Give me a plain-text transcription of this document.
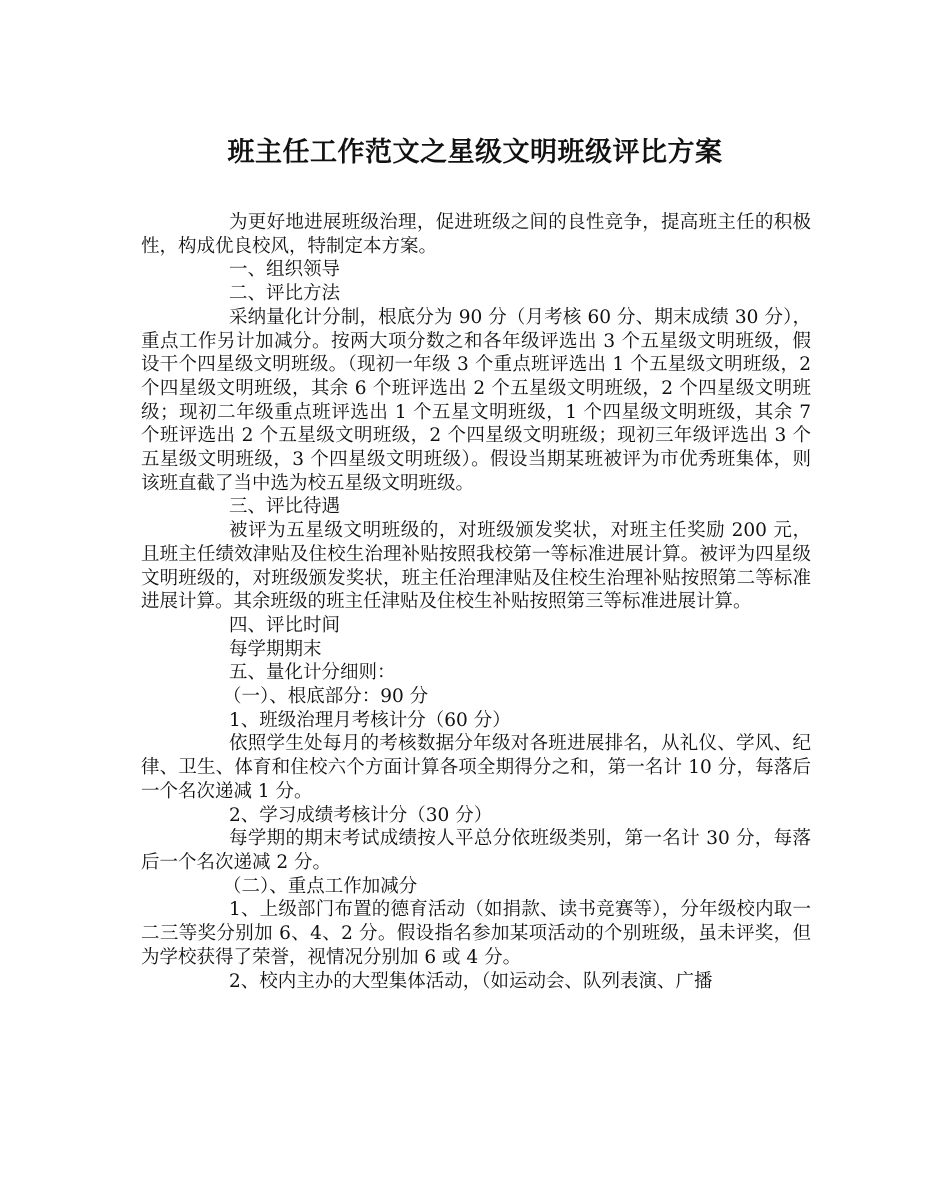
班主任工作范文之星级文明班级评比方案

为更好地进展班级治理，促进班级之间的良性竞争，提高班主任的积极性，构成优良校风，特制定本方案。

一、组织领导

二、评比方法

采纳量化计分制，根底分为 90 分（月考核 60 分、期末成绩 30 分），重点工作另计加减分。按两大项分数之和各年级评选出 3 个五星级文明班级，假设干个四星级文明班级。（现初一年级 3 个重点班评选出 1 个五星级文明班级，2 个四星级文明班级，其余 6 个班评选出 2 个五星级文明班级，2 个四星级文明班级；现初二年级重点班评选出 1 个五星文明班级，1 个四星级文明班级，其余 7 个班评选出 2 个五星级文明班级，2 个四星级文明班级；现初三年级评选出 3 个五星级文明班级，3 个四星级文明班级）。假设当期某班被评为市优秀班集体，则该班直截了当中选为校五星级文明班级。

三、评比待遇

被评为五星级文明班级的，对班级颁发奖状，对班主任奖励 200 元，且班主任绩效津贴及住校生治理补贴按照我校第一等标准进展计算。被评为四星级文明班级的，对班级颁发奖状，班主任治理津贴及住校生治理补贴按照第二等标准进展计算。其余班级的班主任津贴及住校生补贴按照第三等标准进展计算。

四、评比时间

每学期期末

五、量化计分细则：

（一）、根底部分：90 分

1、班级治理月考核计分（60 分）

依照学生处每月的考核数据分年级对各班进展排名，从礼仪、学风、纪律、卫生、体育和住校六个方面计算各项全期得分之和，第一名计 10 分，每落后一个名次递减 1 分。

2、学习成绩考核计分（30 分）

每学期的期末考试成绩按人平总分依班级类别，第一名计 30 分，每落后一个名次递减 2 分。

（二）、重点工作加减分

1、上级部门布置的德育活动（如捐款、读书竞赛等），分年级校内取一二三等奖分别加 6、4、2 分。假设指名参加某项活动的个别班级，虽未评奖，但为学校获得了荣誉，视情况分别加 6 或 4 分。

2、校内主办的大型集体活动，（如运动会、队列表演、广播
